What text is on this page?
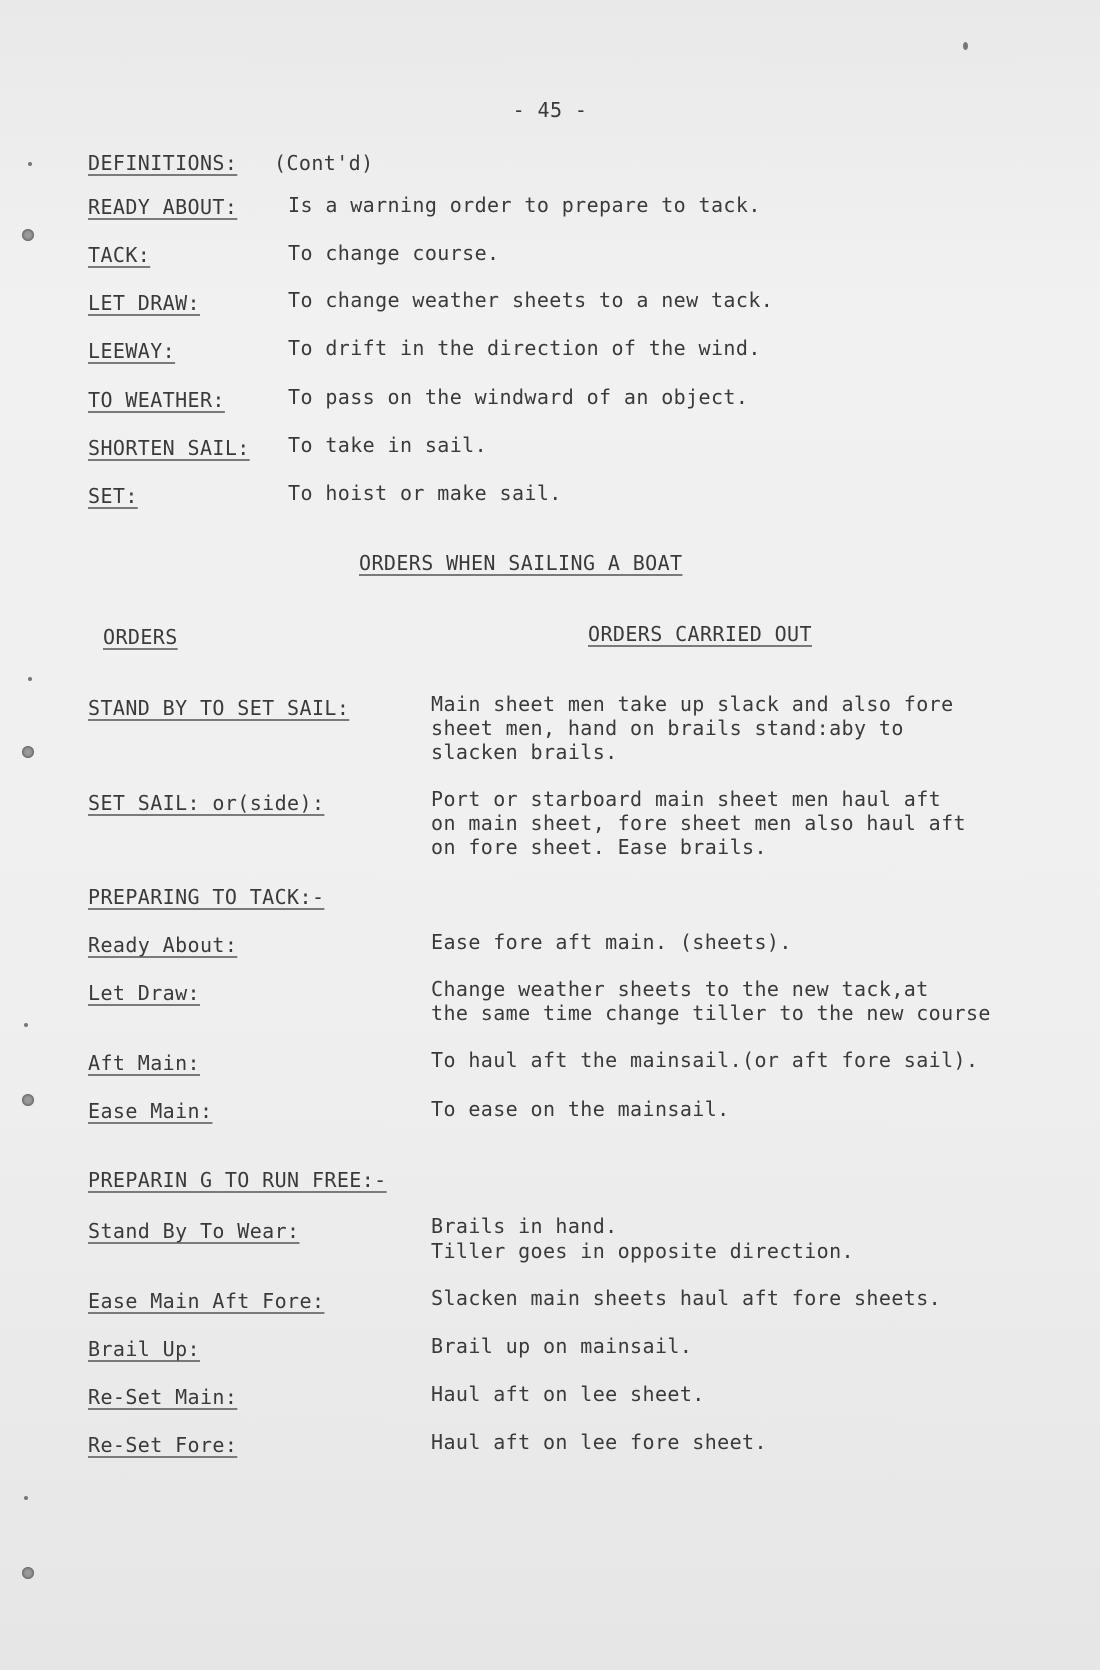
- 45 -
DEFINITIONS: (Cont'd)
READY ABOUT:	Is a warning order to prepare to tack.
TACK:	To change course.
LET DRAW:	To change weather sheets to a new tack.
LEEWAY:	To drift in the direction of the wind.
TO WEATHER:	To pass on the windward of an object.
SHORTEN SAIL: To take in sail.
SET:	To hoist or make sail.
ORDERS WHEN SAILING A BOAT
ORDERS	ORDERS CARRIED OUT
STAND BY TO SET SAIL:	Main sheet men take up slack and also fore
sheet men, hand on brails stand:aby to
slacken brails.
SET SAIL: or(side):	Port or starboard main sheet men haul aft
on main sheet, fore sheet men also haul aft
on fore sheet. Ease brails.
PREPARING TO TACK:-
Ready About:	Ease fore aft main. (sheets).
Let Draw:	Change weather sheets to the new tack,at
the same time change tiller to the new course
Aft Main:	To haul aft the mainsail.(or aft fore sail).
Ease Main:	To ease on the mainsail.
PREPARIN G TO RUN FREE:-
Stand By To Wear:	Brails in hand.
Tiller goes in opposite direction.
Ease Main Aft Fore:	Slacken main sheets haul aft fore sheets.
Brail Up:	Brail up on mainsail.
Re-Set Main:	Haul aft on lee sheet.
Re-Set Fore:	Haul aft on lee fore sheet.
